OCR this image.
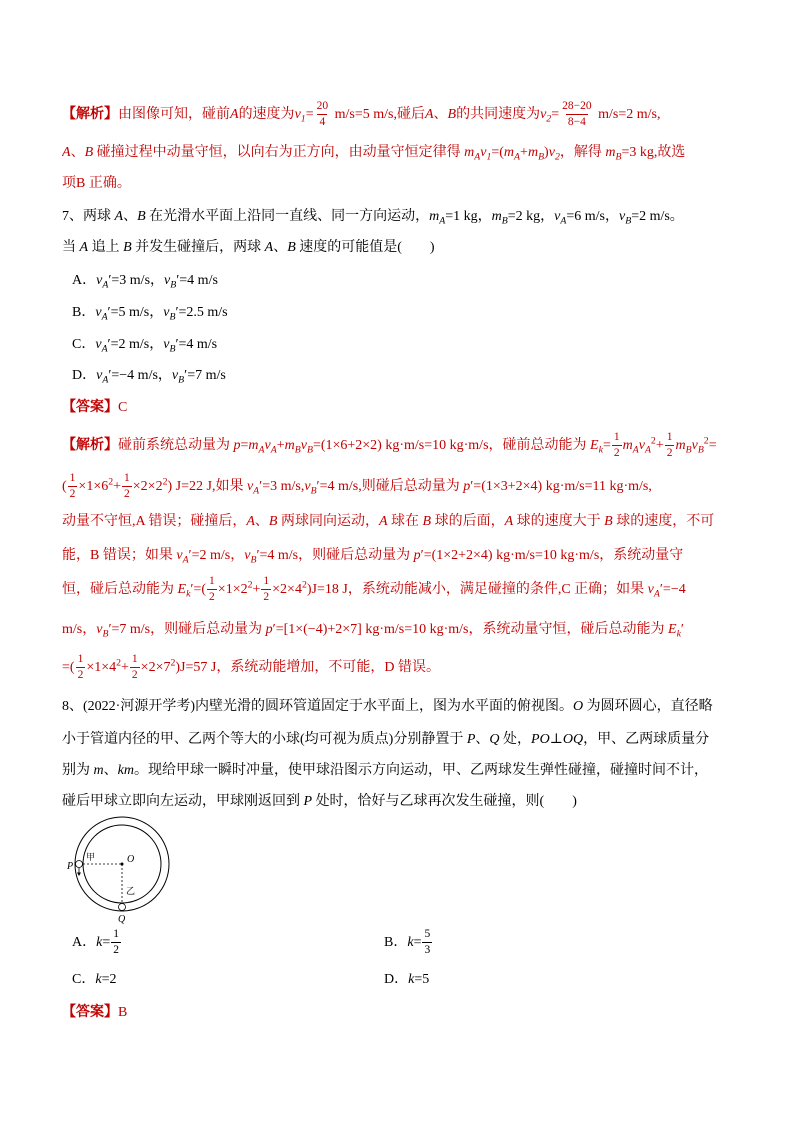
【解析】由图像可知，碰前A的速度为$v_1= \frac{20}{4} m/s=5$ m/s,碰后A、B的共同速度为$v_2= \frac{28-20}{8-4} m/s=2$ m/s,
A、B 碰撞过程中动量守恒，以向右为正方向，由动量守恒定律得 $m_Av_1=(m_A+m_B)v_2$，解得 $m_B=3$ kg,故选
项B 正确。
7、两球 A、B 在光滑水平面上沿同一直线、同一方向运动，$m_A=1$ kg，$m_B=2$ kg，$v_A=6$ m/s，$v_B=2$ m/s。
当 A 追上 B 并发生碰撞后，两球 A、B 速度的可能值是(　　)
A．$v_A'=3$ m/s，$v_B'=4$ m/s
B．$v_A'=5$ m/s，$v_B'=2.5$ m/s
C．$v_A'=2$ m/s，$v_B'=4$ m/s
D．$v_A'=-4$ m/s，$v_B'=7$ m/s
【答案】C
【解析】碰前系统总动量为 $p=m_Av_A+m_Bv_B=(1\times 6+2\times 2)$ kg·m/s=10 kg·m/s，碰前总动能为 $E_k= \frac{1}{2} m_Av_A^2+ \frac{1}{2} m_Bv_B^2=$
( $\frac{1}{2} \times 1\times 6^2+ \frac{1}{2} \times 2\times 2^2$) J=22 J,如果 $v_A'=3$ $m/s,v_B'=4$ m/s,则碰后总动量为 p′=(1×3+2×4) kg·m/s=11 kg·m/s,
动量不守恒,A 错误；碰撞后，A、B 两球同向运动，A 球在 B 球的后面，A 球的速度大于 B 球的速度，不可
能，B 错误；如果 $v_A'=2$ m/s，$v_B'=4$ m/s，则碰后总动量为 p′=(1×2+2×4) kg·m/s=10 kg·m/s，系统动量守
恒，碰后总动能为 $E_k'=( \frac{1}{2} \times 1\times 2^2+ \frac{1}{2} \times 2\times 4^2)J=18$ J，系统动能减小，满足碰撞的条件,C 正确；如果 $v_A'=-4$
m/s，$v_B'=7$ m/s，则碰后总动量为 p′=[1×(−4)+2×7] kg·m/s=10 kg·m/s，系统动量守恒，碰后总动能为 $E_k'$
=( $\frac{1}{2} \times 1\times 4^2+ \frac{1}{2} \times 2\times 7^2)J=57$ J，系统动能增加，不可能，D 错误。
8、(2022·河源开学考)内壁光滑的圆环管道固定于水平面上，图为水平面的俯视图。O 为圆环圆心，直径略
小于管道内径的甲、乙两个等大的小球(均可视为质点)分别静置于 P、Q 处，PO⊥OQ，甲、乙两球质量分
别为 m、km。现给甲球一瞬时冲量，使甲球沿图示方向运动，甲、乙两球发生弹性碰撞，碰撞时间不计，
碰后甲球立即向左运动，甲球刚返回到 P 处时，恰好与乙球再次发生碰撞，则(　　)
P
甲	O
乙
Q
A．$k= \frac{1}{2}$	B．$k= \frac{5}{3}$
C．k=2	D．k=5
【答案】B
